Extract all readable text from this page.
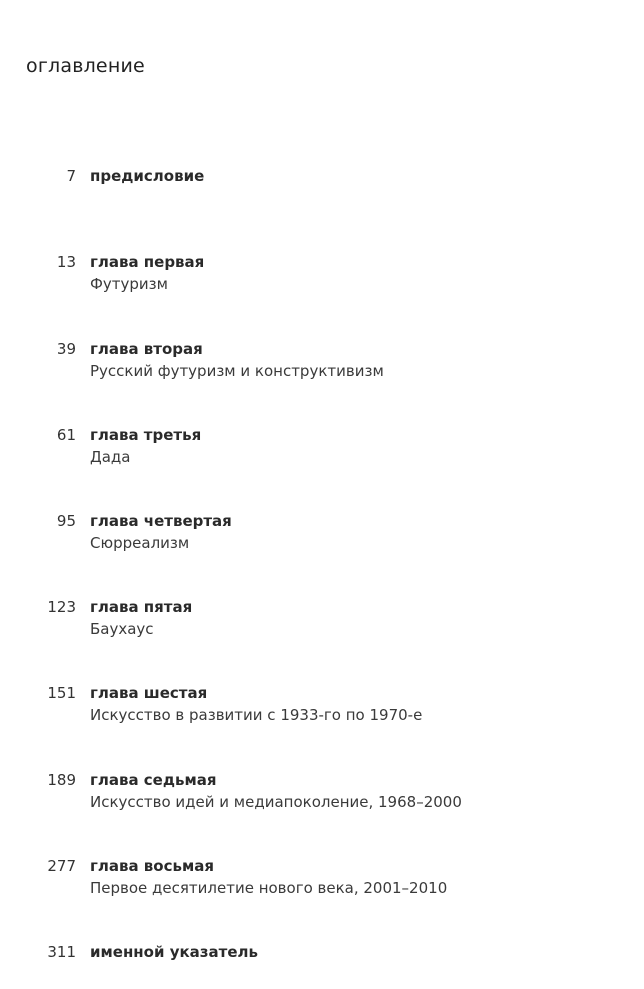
оглавление
7 предисловие
13 глава первая
Футуризм
39 глава вторая
Русский футуризм и конструктивизм
61 глава третья
Дада
95 глава четвертая
Сюрреализм
123 глава пятая
Баухаус
151 глава шестая
Искусство в развитии с 1933-го по 1970-е
189 глава седьмая
Искусство идей и медиапоколение, 1968–2000
277 глава восьмая
Первое десятилетие нового века, 2001–2010
311 именной указатель
